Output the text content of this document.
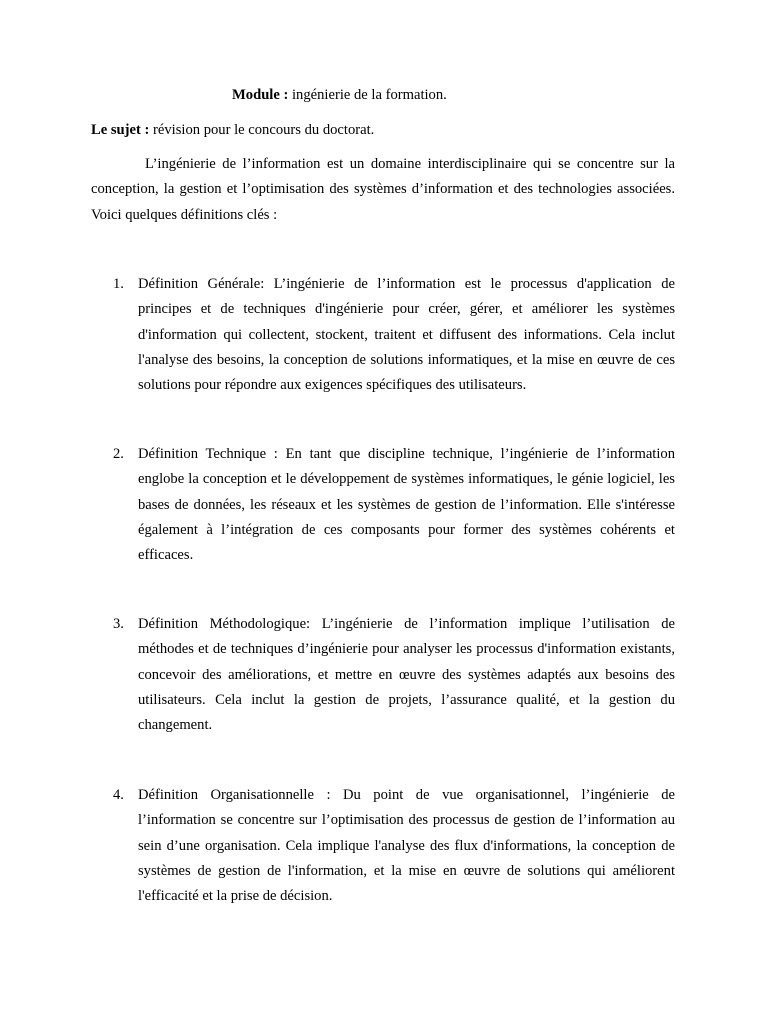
Module : ingénierie de la formation.
Le sujet : révision pour le concours du doctorat.

L’ingénierie de l’information est un domaine interdisciplinaire qui se concentre sur la conception, la gestion et l’optimisation des systèmes d’information et des technologies associées. Voici quelques définitions clés :

1. Définition Générale: L’ingénierie de l’information est le processus d'application de principes et de techniques d'ingénierie pour créer, gérer, et améliorer les systèmes d'information qui collectent, stockent, traitent et diffusent des informations. Cela inclut l'analyse des besoins, la conception de solutions informatiques, et la mise en œuvre de ces solutions pour répondre aux exigences spécifiques des utilisateurs.
2. Définition Technique : En tant que discipline technique, l’ingénierie de l’information englobe la conception et le développement de systèmes informatiques, le génie logiciel, les bases de données, les réseaux et les systèmes de gestion de l’information. Elle s'intéresse également à l’intégration de ces composants pour former des systèmes cohérents et efficaces.
3. Définition Méthodologique: L’ingénierie de l’information implique l’utilisation de méthodes et de techniques d’ingénierie pour analyser les processus d'information existants, concevoir des améliorations, et mettre en œuvre des systèmes adaptés aux besoins des utilisateurs. Cela inclut la gestion de projets, l’assurance qualité, et la gestion du changement.
4. Définition Organisationnelle : Du point de vue organisationnel, l’ingénierie de l’information se concentre sur l’optimisation des processus de gestion de l’information au sein d’une organisation. Cela implique l'analyse des flux d'informations, la conception de systèmes de gestion de l'information, et la mise en œuvre de solutions qui améliorent l'efficacité et la prise de décision.
